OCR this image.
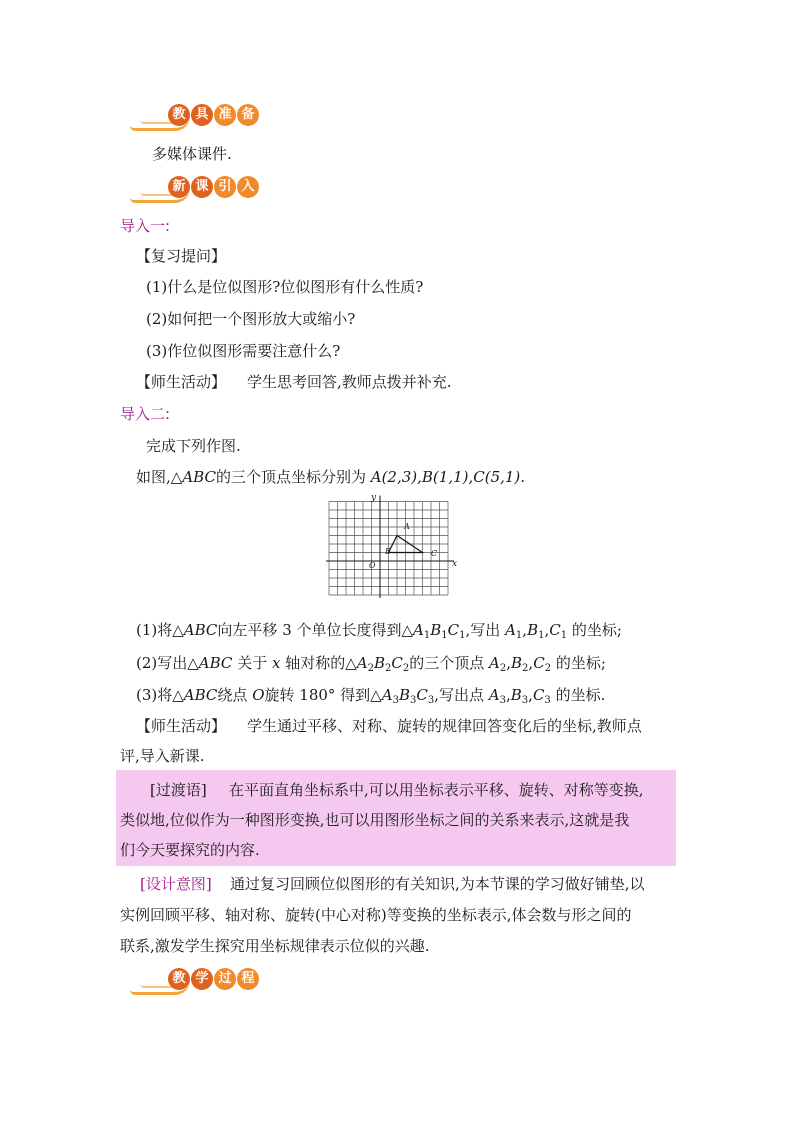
教 具 准 备
多媒体课件.
新 课 引 入
导入一:
【复习提问】
(1)什么是位似图形?位似图形有什么性质?
(2)如何把一个图形放大或缩小?
(3)作位似图形需要注意什么?
【师生活动】 学生思考回答,教师点拨并补充.
导入二:
完成下列作图.
如图,△ABC的三个顶点坐标分别为 A(2,3),B(1,1),C(5,1).
y
x
O
A
B	C
(1)将△ABC向左平移 3 个单位长度得到$\triangle A_1B_1C_1$,写出 $A_1,B_1,C_1$ 的坐标;
(2)写出△ABC 关于 x 轴对称的$\triangle A_2B_2C_2$的三个顶点 $A_2,B_2,C_2$ 的坐标;
(3)将△ABC绕点 O旋转 180° 得到$\triangle A_3B_3C_3$,写出点 $A_3,B_3,C_3$ 的坐标.
【师生活动】 学生通过平移、对称、旋转的规律回答变化后的坐标,教师点
评,导入新课.
[过渡语] 在平面直角坐标系中,可以用坐标表示平移、旋转、对称等变换,
类似地,位似作为一种图形变换,也可以用图形坐标之间的关系来表示,这就是我
们今天要探究的内容.
[设计意图] 通过复习回顾位似图形的有关知识,为本节课的学习做好铺垫,以
实例回顾平移、轴对称、旋转(中心对称)等变换的坐标表示,体会数与形之间的
联系,激发学生探究用坐标规律表示位似的兴趣.
教 学 过 程
